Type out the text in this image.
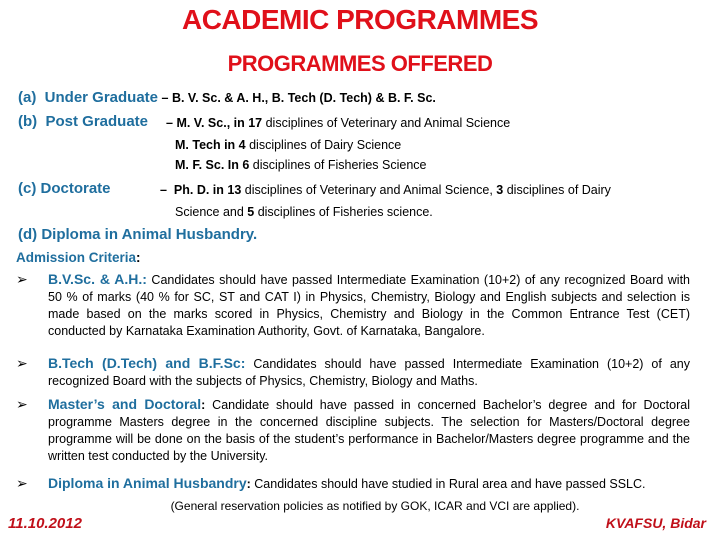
ACADEMIC PROGRAMMES
PROGRAMMES OFFERED
(a)  Under Graduate – B. V. Sc. & A. H., B. Tech (D. Tech) & B. F. Sc.
(b)  Post Graduate – M. V. Sc., in 17 disciplines of Veterinary and Animal Science
M. Tech in 4 disciplines of Dairy Science
M. F. Sc. In 6 disciplines of Fisheries Science
(c) Doctorate	–  Ph. D. in 13 disciplines of Veterinary and Animal Science, 3 disciplines of Dairy
Science and 5 disciplines of Fisheries science.
(d) Diploma in Animal Husbandry.
Admission Criteria:
➢ B.V.Sc. & A.H.: Candidates should have passed Intermediate Examination (10+2) of any recognized Board with 50 % of marks (40 % for SC, ST and CAT I) in Physics, Chemistry, Biology and English subjects and selection is made based on the marks scored in Physics, Chemistry and Biology in the Common Entrance Test (CET) conducted by Karnataka Examination Authority, Govt. of Karnataka, Bangalore.
➢ B.Tech (D.Tech) and B.F.Sc: Candidates should have passed Intermediate Examination (10+2) of any recognized Board with the subjects of Physics, Chemistry, Biology and Maths.
➢ Master’s and Doctoral: Candidate should have passed in concerned Bachelor’s degree and for Doctoral programme Masters degree in the concerned discipline subjects. The selection for Masters/Doctoral degree programme will be done on the basis of the student’s performance in Bachelor/Masters degree programme and the written test conducted by the University.
➢ Diploma in Animal Husbandry: Candidates should have studied in Rural area and have passed SSLC.
(General reservation policies as notified by GOK, ICAR and VCI are applied).
11.10.2012	KVAFSU, Bidar
